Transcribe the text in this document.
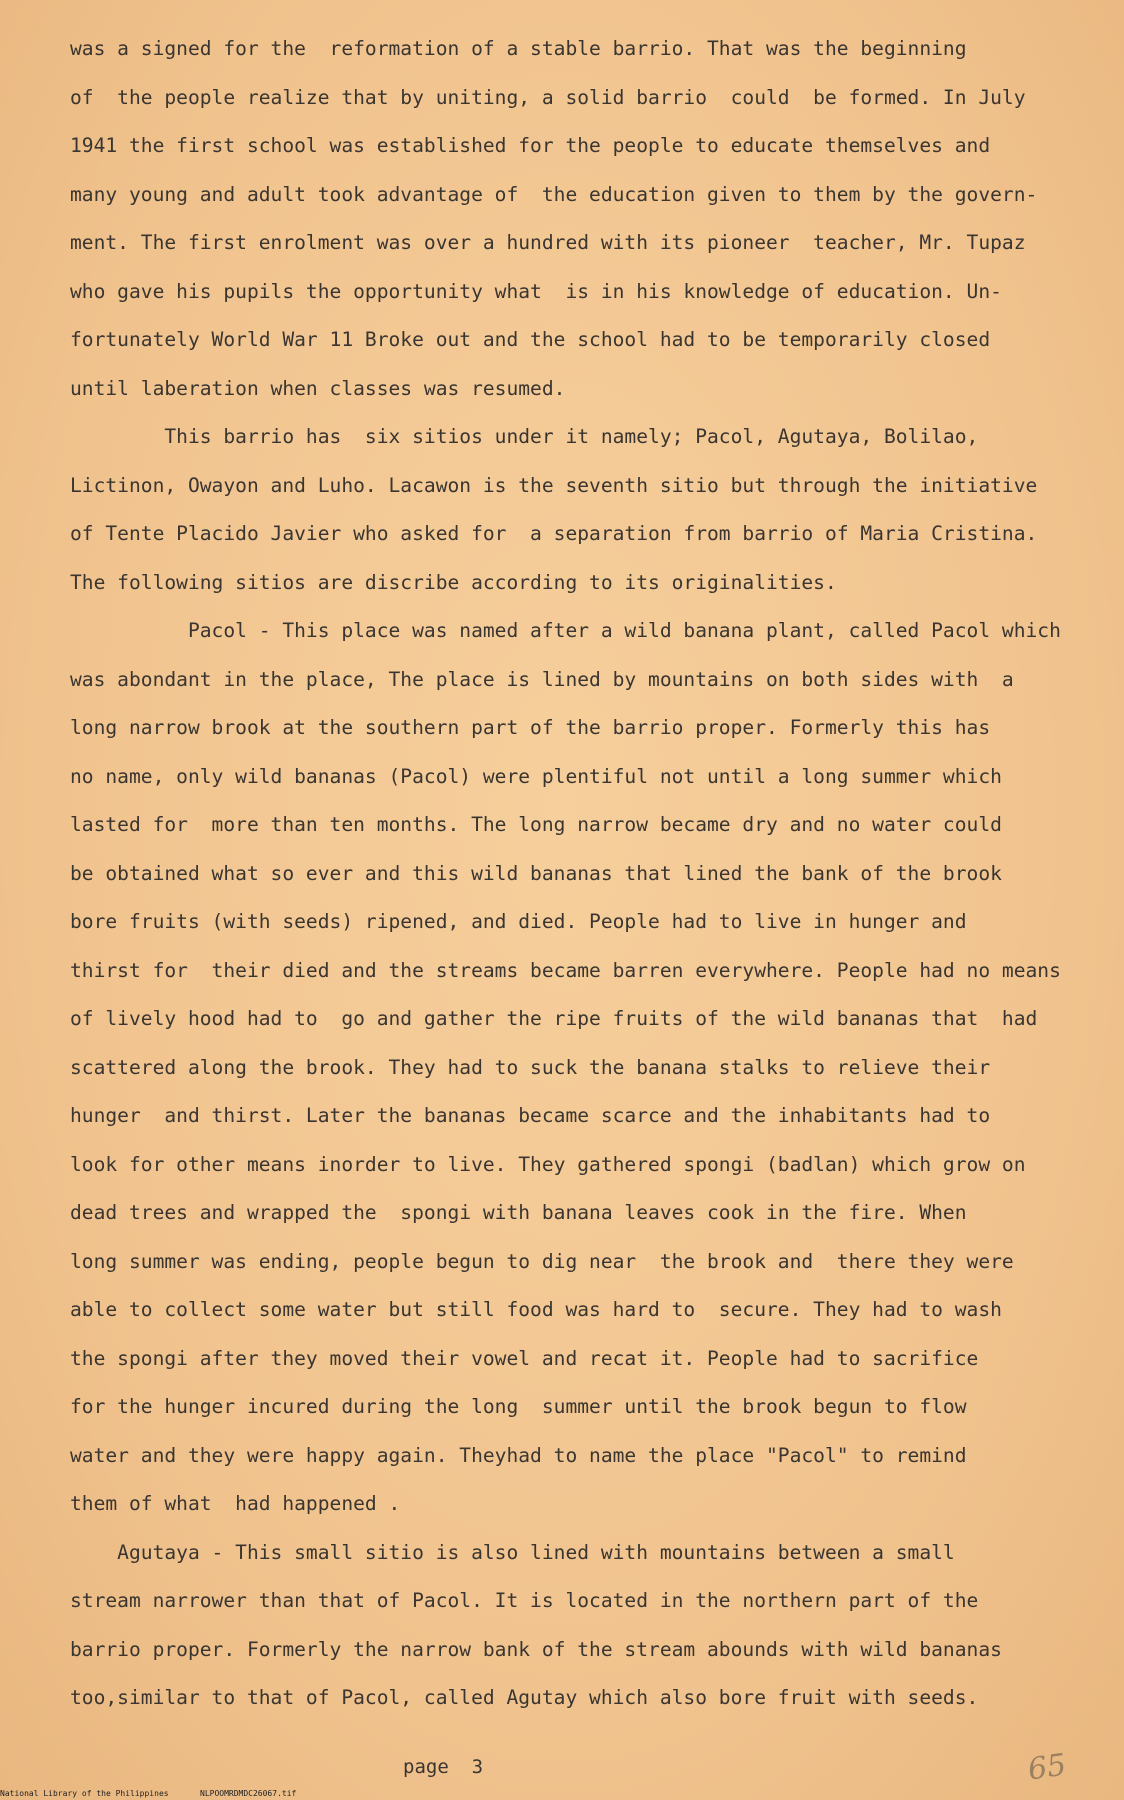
was a signed for the  reformation of a stable barrio. That was the beginning
of  the people realize that by uniting, a solid barrio  could  be formed. In July
1941 the first school was established for the people to educate themselves and
many young and adult took advantage of  the education given to them by the govern-
ment. The first enrolment was over a hundred with its pioneer  teacher, Mr. Tupaz
who gave his pupils the opportunity what  is in his knowledge of education. Un-
fortunately World War 11 Broke out and the school had to be temporarily closed
until laberation when classes was resumed.
This barrio has  six sitios under it namely; Pacol, Agutaya, Bolilao,
Lictinon, Owayon and Luho. Lacawon is the seventh sitio but through the initiative
of Tente Placido Javier who asked for  a separation from barrio of Maria Cristina.
The following sitios are discribe according to its originalities.
Pacol - This place was named after a wild banana plant, called Pacol which
was abondant in the place, The place is lined by mountains on both sides with  a
long narrow brook at the southern part of the barrio proper. Formerly this has
no name, only wild bananas (Pacol) were plentiful not until a long summer which
lasted for  more than ten months. The long narrow became dry and no water could
be obtained what so ever and this wild bananas that lined the bank of the brook
bore fruits (with seeds) ripened, and died. People had to live in hunger and
thirst for  their died and the streams became barren everywhere. People had no means
of lively hood had to  go and gather the ripe fruits of the wild bananas that  had
scattered along the brook. They had to suck the banana stalks to relieve their
hunger  and thirst. Later the bananas became scarce and the inhabitants had to
look for other means inorder to live. They gathered spongi (badlan) which grow on
dead trees and wrapped the  spongi with banana leaves cook in the fire. When
long summer was ending, people begun to dig near  the brook and  there they were
able to collect some water but still food was hard to  secure. They had to wash
the spongi after they moved their vowel and recat it. People had to sacrifice
for the hunger incured during the long  summer until the brook begun to flow
water and they were happy again. Theyhad to name the place "Pacol" to remind
them of what  had happened .
Agutaya - This small sitio is also lined with mountains between a small
stream narrower than that of Pacol. It is located in the northern part of the
barrio proper. Formerly the narrow bank of the stream abounds with wild bananas
too,similar to that of Pacol, called Agutay which also bore fruit with seeds.
page  3	65
National Library of the Philippines	NLPOOMRDMDC26067.tif
